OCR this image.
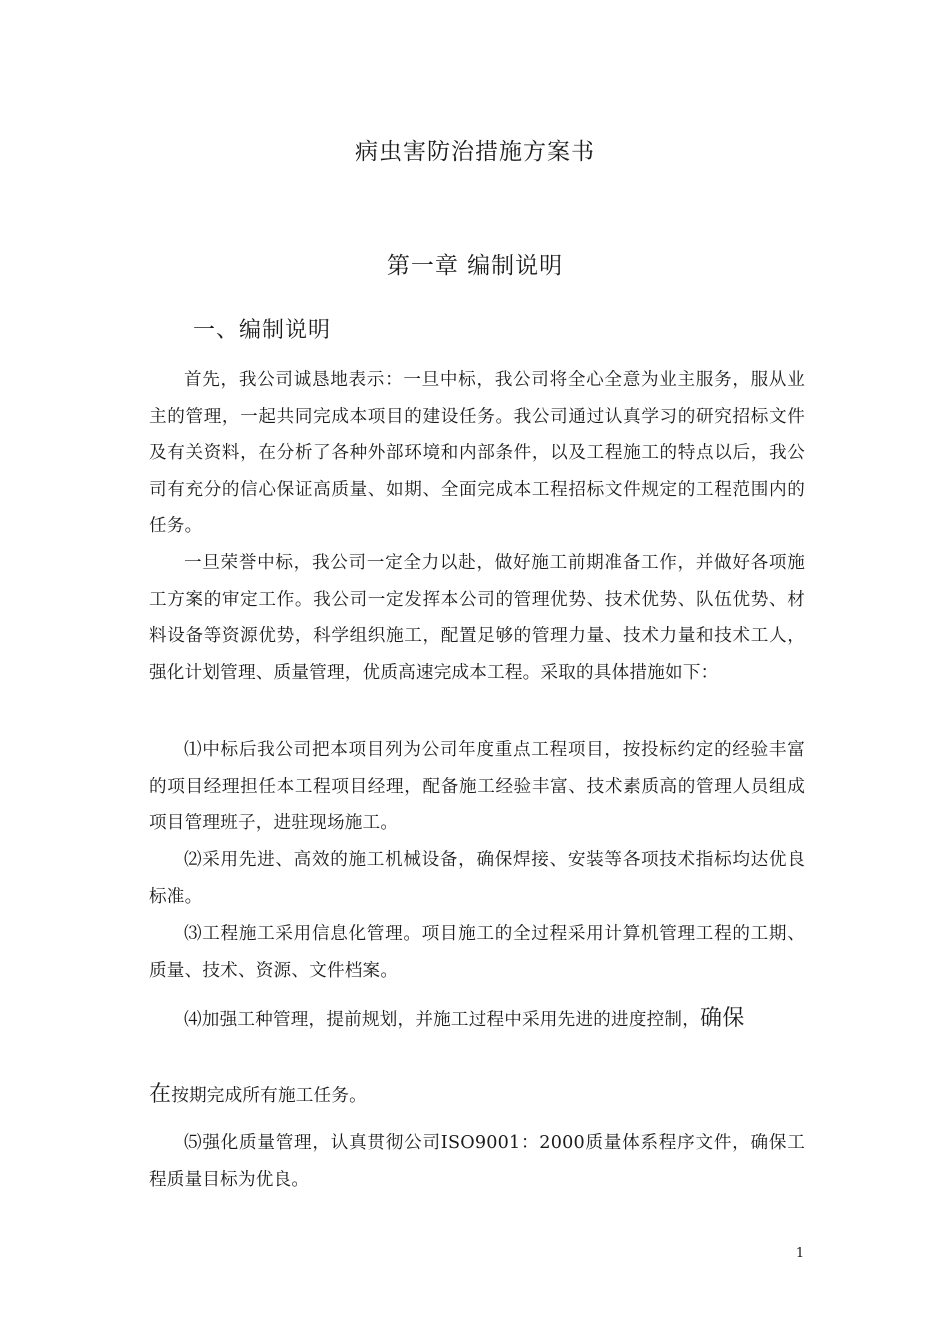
病虫害防治措施方案书
第一章 编制说明
一、编制说明

首先，我公司诚恳地表示：一旦中标，我公司将全心全意为业主服务，服从业主的管理，一起共同完成本项目的建设任务。我公司通过认真学习的研究招标文件及有关资料，在分析了各种外部环境和内部条件，以及工程施工的特点以后，我公司有充分的信心保证高质量、如期、全面完成本工程招标文件规定的工程范围内的任务。

一旦荣誉中标，我公司一定全力以赴，做好施工前期准备工作，并做好各项施工方案的审定工作。我公司一定发挥本公司的管理优势、技术优势、队伍优势、材料设备等资源优势，科学组织施工，配置足够的管理力量、技术力量和技术工人，强化计划管理、质量管理，优质高速完成本工程。采取的具体措施如下：

⑴中标后我公司把本项目列为公司年度重点工程项目，按投标约定的经验丰富的项目经理担任本工程项目经理，配备施工经验丰富、技术素质高的管理人员组成项目管理班子，进驻现场施工。

⑵采用先进、高效的施工机械设备，确保焊接、安装等各项技术指标均达优良标准。

⑶工程施工采用信息化管理。项目施工的全过程采用计算机管理工程的工期、质量、技术、资源、文件档案。

⑷加强工种管理，提前规划，并施工过程中采用先进的进度控制，确保
在按期完成所有施工任务。

⑸强化质量管理，认真贯彻公司ISO9001：2000质量体系程序文件，确保工程质量目标为优良。

1
